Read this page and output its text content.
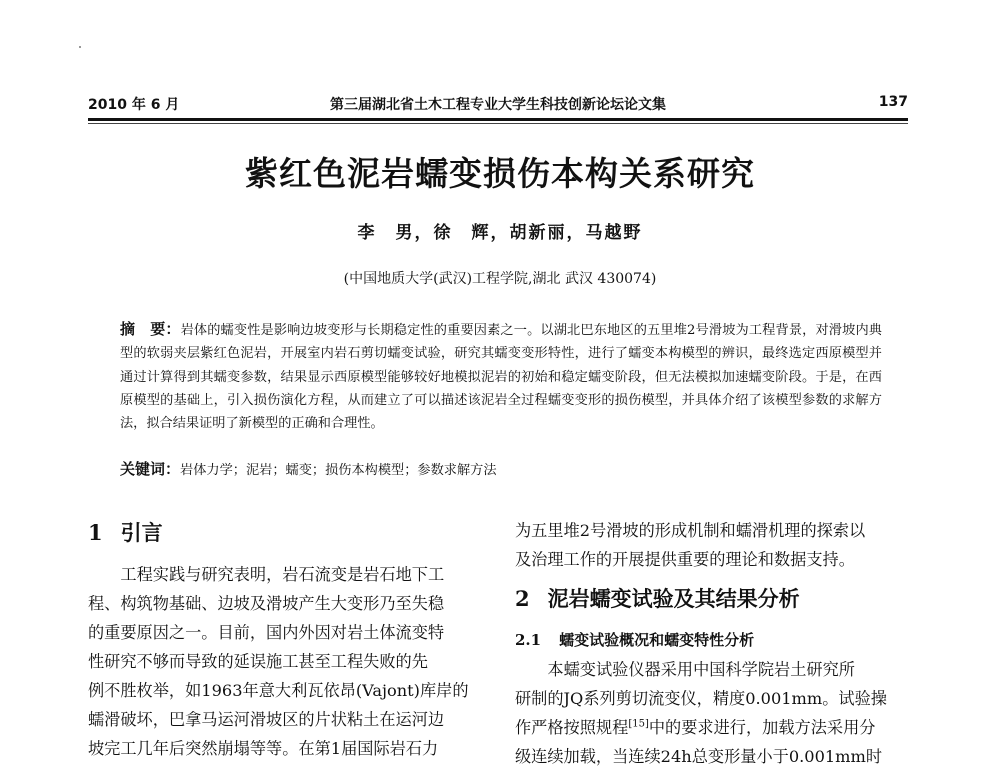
2010 年 6 月	第三届湖北省土木工程专业大学生科技创新论坛论文集	137
紫红色泥岩蠕变损伤本构关系研究
李　男，徐　辉，胡新丽，马越野
(中国地质大学(武汉)工程学院,湖北 武汉 430074)
摘　要：岩体的蠕变性是影响边坡变形与长期稳定性的重要因素之一。以湖北巴东地区的五里堆2号滑坡为工程背景，对滑坡内典型的软弱夹层紫红色泥岩，开展室内岩石剪切蠕变试验，研究其蠕变变形特性，进行了蠕变本构模型的辨识，最终选定西原模型并通过计算得到其蠕变参数，结果显示西原模型能够较好地模拟泥岩的初始和稳定蠕变阶段，但无法模拟加速蠕变阶段。于是，在西原模型的基础上，引入损伤演化方程，从而建立了可以描述该泥岩全过程蠕变变形的损伤模型，并具体介绍了该模型参数的求解方法，拟合结果证明了新模型的正确和合理性。
关键词：岩体力学；泥岩；蠕变；损伤本构模型；参数求解方法
1 引言
工程实践与研究表明，岩石流变是岩石地下工
程、构筑物基础、边坡及滑坡产生大变形乃至失稳
的重要原因之一。目前，国内外因对岩土体流变特
性研究不够而导致的延误施工甚至工程失败的先
例不胜枚举，如1963年意大利瓦依昂(Vajont)库岸的
蠕滑破坏，巴拿马运河滑坡区的片状粘土在运河边
坡完工几年后突然崩塌等等。在第1届国际岩石力
为五里堆2号滑坡的形成机制和蠕滑机理的探索以
及治理工作的开展提供重要的理论和数据支持。
2 泥岩蠕变试验及其结果分析
2.1 蠕变试验概况和蠕变特性分析
本蠕变试验仪器采用中国科学院岩土研究所
研制的JQ系列剪切流变仪，精度0.001mm。试验操
作严格按照规程[15]中的要求进行，加载方法采用分
级连续加载，当连续24h总变形量小于0.001mm时
